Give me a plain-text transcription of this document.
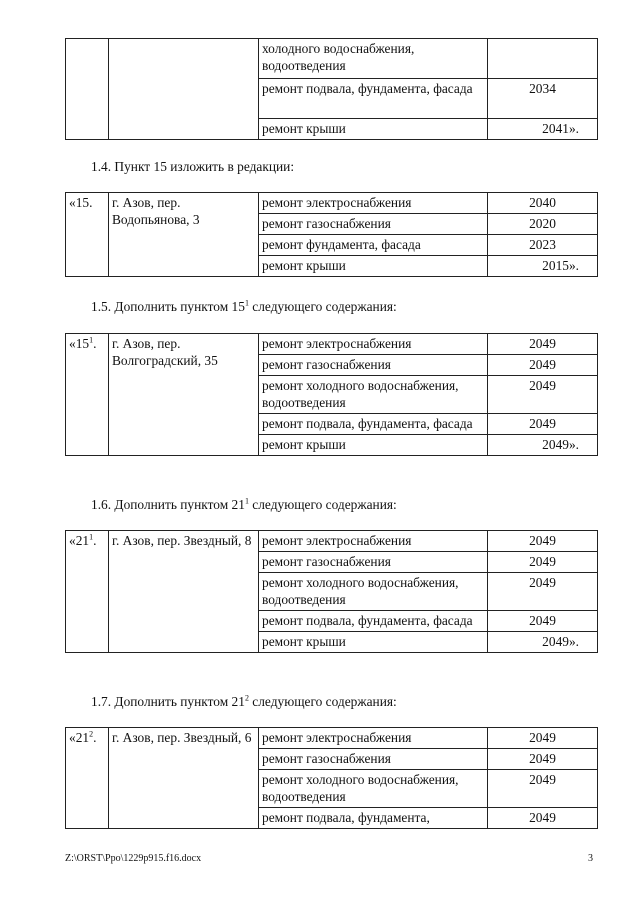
		холодного водоснабжения, водоотведения	
		ремонт подвала, фундамента, фасада	2034
		ремонт крыши	2041».
1.4. Пункт 15 изложить в редакции:
«15.	г. Азов, пер. Водопьянова, 3	ремонт электроснабжения	2040
		ремонт газоснабжения	2020
		ремонт фундамента, фасада	2023
		ремонт крыши	2015».
1.5. Дополнить пунктом $15^1$ следующего содержания:
«$15^1$.	г. Азов, пер. Волгоградский, 35	ремонт электроснабжения	2049
		ремонт газоснабжения	2049
		ремонт холодного водоснабжения, водоотведения	2049
		ремонт подвала, фундамента, фасада	2049
		ремонт крыши	2049».
1.6. Дополнить пунктом $21^1$ следующего содержания:
«$21^1$.	г. Азов, пер. Звездный, 8	ремонт электроснабжения	2049
		ремонт газоснабжения	2049
		ремонт холодного водоснабжения, водоотведения	2049
		ремонт подвала, фундамента, фасада	2049
		ремонт крыши	2049».
1.7. Дополнить пунктом $21^2$ следующего содержания:
«$21^2$.	г. Азов, пер. Звездный, 6	ремонт электроснабжения	2049
		ремонт газоснабжения	2049
		ремонт холодного водоснабжения, водоотведения	2049
		ремонт подвала, фундамента,	2049
Z:\ORST\Ppo\1229p915.f16.docx	3
